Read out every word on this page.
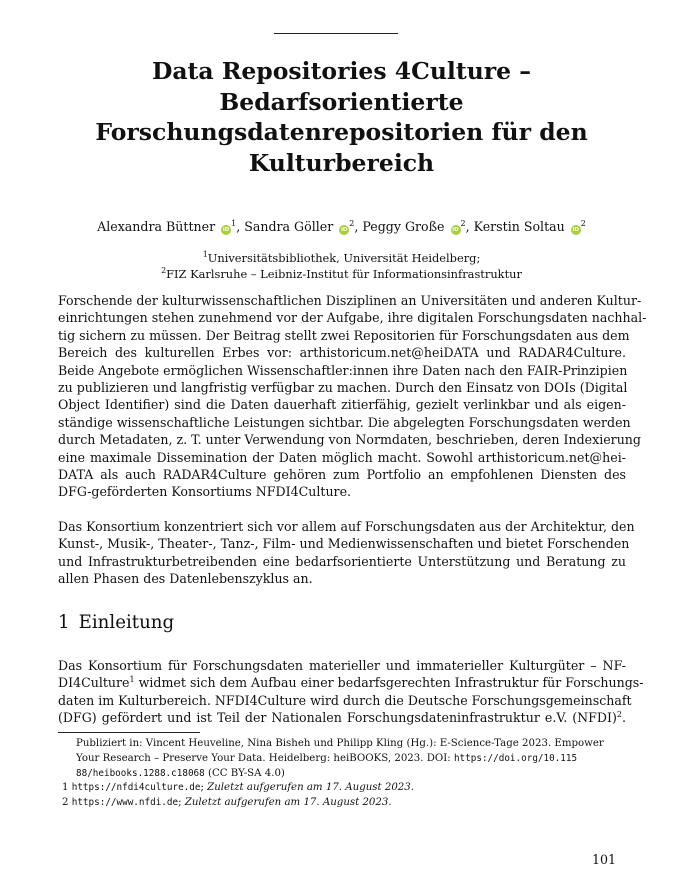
Data Repositories 4Culture –
Bedarfsorientierte
Forschungsdatenrepositorien für den
Kulturbereich
Alexandra Büttner $iD^1$, Sandra Göller $iD^2$, Peggy Große $iD^2$, Kerstin Soltau $iD^2$
$^1$Universitätsbibliothek, Universität Heidelberg;
$^2$FIZ Karlsruhe – Leibniz-Institut für Informationsinfrastruktur
Forschende der kulturwissenschaftlichen Disziplinen an Universitäten und anderen Kultur-
einrichtungen stehen zunehmend vor der Aufgabe, ihre digitalen Forschungsdaten nachhal-
tig sichern zu müssen. Der Beitrag stellt zwei Repositorien für Forschungsdaten aus dem
Bereich des kulturellen Erbes vor: arthistoricum.net@heiDATA und RADAR4Culture.
Beide Angebote ermöglichen Wissenschaftler:innen ihre Daten nach den FAIR-Prinzipien
zu publizieren und langfristig verfügbar zu machen. Durch den Einsatz von DOIs (Digital
Object Identifier) sind die Daten dauerhaft zitierfähig, gezielt verlinkbar und als eigen-
ständige wissenschaftliche Leistungen sichtbar. Die abgelegten Forschungsdaten werden
durch Metadaten, z. T. unter Verwendung von Normdaten, beschrieben, deren Indexierung
eine maximale Dissemination der Daten möglich macht. Sowohl arthistoricum.net@hei-
DATA als auch RADAR4Culture gehören zum Portfolio an empfohlenen Diensten des
DFG-geförderten Konsortiums NFDI4Culture.
Das Konsortium konzentriert sich vor allem auf Forschungsdaten aus der Architektur, den
Kunst-, Musik-, Theater-, Tanz-, Film- und Medienwissenschaften und bietet Forschenden
und Infrastrukturbetreibenden eine bedarfsorientierte Unterstützung und Beratung zu
allen Phasen des Datenlebenszyklus an.
1 Einleitung
Das Konsortium für Forschungsdaten materieller und immaterieller Kulturgüter – NF-
DI4Culture$^1$ widmet sich dem Aufbau einer bedarfsgerechten Infrastruktur für Forschungs-
daten im Kulturbereich. NFDI4Culture wird durch die Deutsche Forschungsgemeinschaft
(DFG) gefördert und ist Teil der Nationalen Forschungsdateninfrastruktur e.V. (NFDI)$^2$.
Publiziert in: Vincent Heuveline, Nina Bisheh und Philipp Kling (Hg.): E-Science-Tage 2023. Empower
Your Research – Preserve Your Data. Heidelberg: heiBOOKS, 2023. DOI: https://doi.org/10.115
88/heibooks.1288.c18068 (CC BY-SA 4.0)
1 https://nfdi4culture.de; Zuletzt aufgerufen am 17. August 2023.
2 https://www.nfdi.de; Zuletzt aufgerufen am 17. August 2023.
101
